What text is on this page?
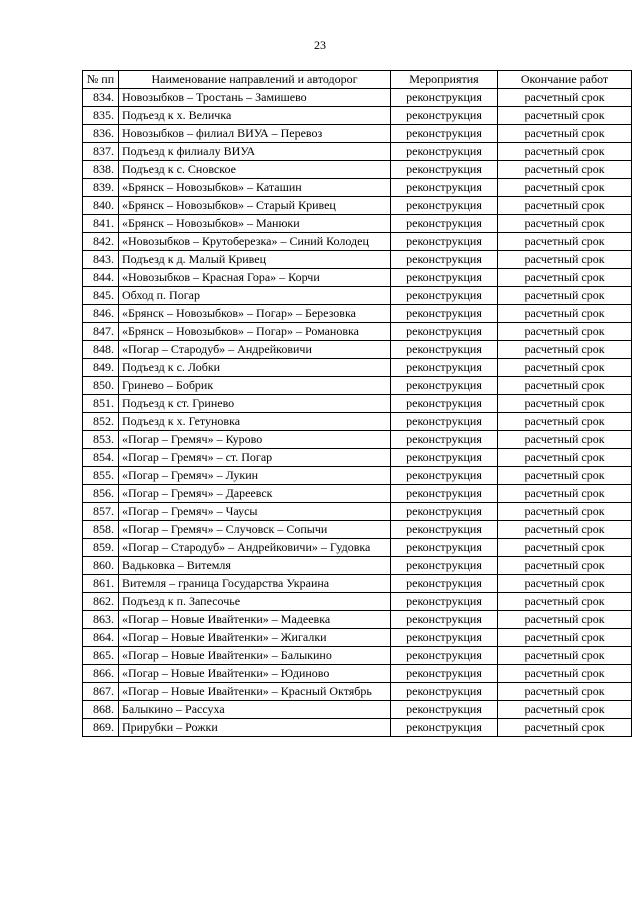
23
№ пп	Наименование направлений и автодорог	Мероприятия	Окончание работ
834.	Новозыбков – Тростань – Замишево	реконструкция	расчетный срок
835.	Подъезд к х. Величка	реконструкция	расчетный срок
836.	Новозыбков – филиал ВИУА – Перевоз	реконструкция	расчетный срок
837.	Подъезд к филиалу ВИУА	реконструкция	расчетный срок
838.	Подъезд к с. Сновское	реконструкция	расчетный срок
839.	«Брянск – Новозыбков» – Каташин	реконструкция	расчетный срок
840.	«Брянск – Новозыбков» – Старый Кривец	реконструкция	расчетный срок
841.	«Брянск – Новозыбков» – Манюки	реконструкция	расчетный срок
842.	«Новозыбков – Крутоберезка» – Синий Колодец	реконструкция	расчетный срок
843.	Подъезд к д. Малый Кривец	реконструкция	расчетный срок
844.	«Новозыбков – Красная Гора» – Корчи	реконструкция	расчетный срок
845.	Обход п. Погар	реконструкция	расчетный срок
846.	«Брянск – Новозыбков» – Погар» – Березовка	реконструкция	расчетный срок
847.	«Брянск – Новозыбков» – Погар» – Романовка	реконструкция	расчетный срок
848.	«Погар – Стародуб» – Андрейковичи	реконструкция	расчетный срок
849.	Подъезд к с. Лобки	реконструкция	расчетный срок
850.	Гринево – Бобрик	реконструкция	расчетный срок
851.	Подъезд к ст. Гринево	реконструкция	расчетный срок
852.	Подъезд к х. Гетуновка	реконструкция	расчетный срок
853.	«Погар – Гремяч» – Курово	реконструкция	расчетный срок
854.	«Погар – Гремяч» – ст. Погар	реконструкция	расчетный срок
855.	«Погар – Гремяч» – Лукин	реконструкция	расчетный срок
856.	«Погар – Гремяч» – Дареевск	реконструкция	расчетный срок
857.	«Погар – Гремяч» – Чаусы	реконструкция	расчетный срок
858.	«Погар – Гремяч» – Случовск – Сопычи	реконструкция	расчетный срок
859.	«Погар – Стародуб» – Андрейковичи» – Гудовка	реконструкция	расчетный срок
860.	Вадьковка – Витемля	реконструкция	расчетный срок
861.	Витемля – граница Государства Украина	реконструкция	расчетный срок
862.	Подъезд к п. Запесочье	реконструкция	расчетный срок
863.	«Погар – Новые Ивайтенки» – Мадеевка	реконструкция	расчетный срок
864.	«Погар – Новые Ивайтенки» – Жигалки	реконструкция	расчетный срок
865.	«Погар – Новые Ивайтенки» – Балыкино	реконструкция	расчетный срок
866.	«Погар – Новые Ивайтенки» – Юдиново	реконструкция	расчетный срок
867.	«Погар – Новые Ивайтенки» – Красный Октябрь	реконструкция	расчетный срок
868.	Балыкино – Рассуха	реконструкция	расчетный срок
869.	Прирубки – Рожки	реконструкция	расчетный срок
